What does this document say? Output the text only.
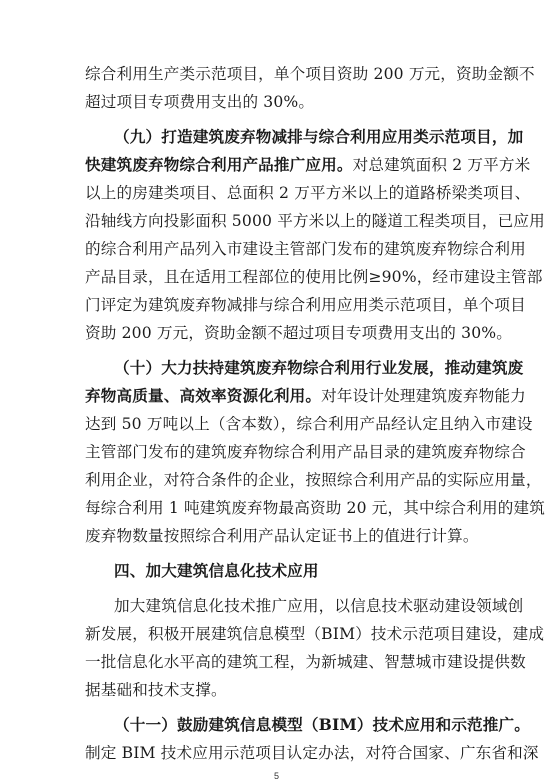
综合利用生产类示范项目，单个项目资助 200 万元，资助金额不
超过项目专项费用支出的 30%。
（九）打造建筑废弃物减排与综合利用应用类示范项目，加
快建筑废弃物综合利用产品推广应用。对总建筑面积 2 万平方米
以上的房建类项目、总面积 2 万平方米以上的道路桥梁类项目、
沿轴线方向投影面积 5000 平方米以上的隧道工程类项目，已应用
的综合利用产品列入市建设主管部门发布的建筑废弃物综合利用
产品目录，且在适用工程部位的使用比例≥90%，经市建设主管部
门评定为建筑废弃物减排与综合利用应用类示范项目，单个项目
资助 200 万元，资助金额不超过项目专项费用支出的 30%。
（十）大力扶持建筑废弃物综合利用行业发展，推动建筑废
弃物高质量、高效率资源化利用。对年设计处理建筑废弃物能力
达到 50 万吨以上（含本数），综合利用产品经认定且纳入市建设
主管部门发布的建筑废弃物综合利用产品目录的建筑废弃物综合
利用企业，对符合条件的企业，按照综合利用产品的实际应用量，
每综合利用 1 吨建筑废弃物最高资助 20 元，其中综合利用的建筑
废弃物数量按照综合利用产品认定证书上的值进行计算。
四、加大建筑信息化技术应用
加大建筑信息化技术推广应用，以信息技术驱动建设领域创
新发展，积极开展建筑信息模型（BIM）技术示范项目建设，建成
一批信息化水平高的建筑工程，为新城建、智慧城市建设提供数
据基础和技术支撑。
（十一）鼓励建筑信息模型（BIM）技术应用和示范推广。
制定 BIM 技术应用示范项目认定办法，对符合国家、广东省和深
5
